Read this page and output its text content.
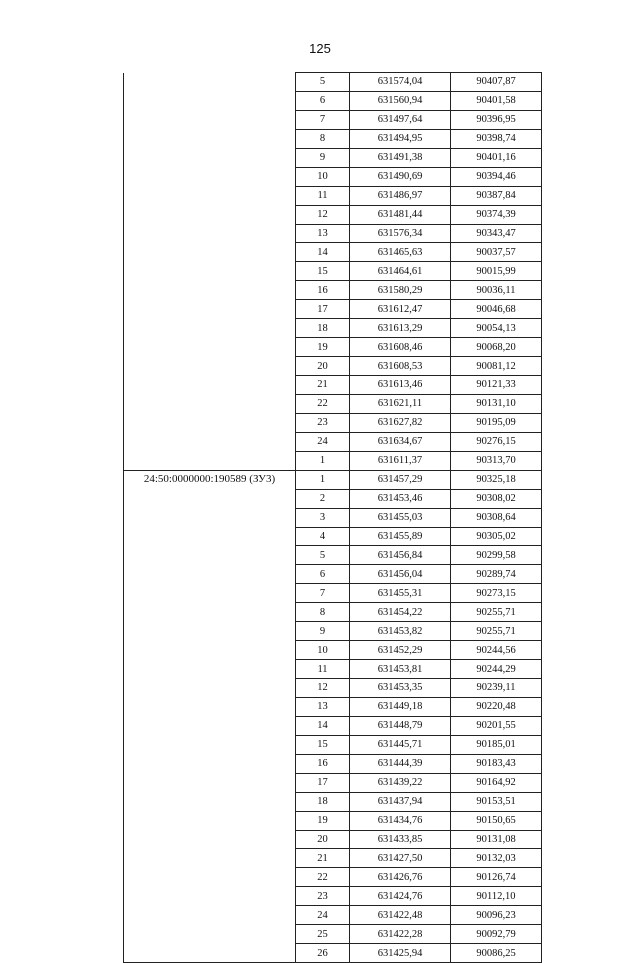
125
	5	631574,04	90407,87
	6	631560,94	90401,58
	7	631497,64	90396,95
	8	631494,95	90398,74
	9	631491,38	90401,16
	10	631490,69	90394,46
	11	631486,97	90387,84
	12	631481,44	90374,39
	13	631576,34	90343,47
	14	631465,63	90037,57
	15	631464,61	90015,99
	16	631580,29	90036,11
	17	631612,47	90046,68
	18	631613,29	90054,13
	19	631608,46	90068,20
	20	631608,53	90081,12
	21	631613,46	90121,33
	22	631621,11	90131,10
	23	631627,82	90195,09
	24	631634,67	90276,15
	1	631611,37	90313,70
24:50:0000000:190589 (ЗУ3)	1	631457,29	90325,18
	2	631453,46	90308,02
	3	631455,03	90308,64
	4	631455,89	90305,02
	5	631456,84	90299,58
	6	631456,04	90289,74
	7	631455,31	90273,15
	8	631454,22	90255,71
	9	631453,82	90255,71
	10	631452,29	90244,56
	11	631453,81	90244,29
	12	631453,35	90239,11
	13	631449,18	90220,48
	14	631448,79	90201,55
	15	631445,71	90185,01
	16	631444,39	90183,43
	17	631439,22	90164,92
	18	631437,94	90153,51
	19	631434,76	90150,65
	20	631433,85	90131,08
	21	631427,50	90132,03
	22	631426,76	90126,74
	23	631424,76	90112,10
	24	631422,48	90096,23
	25	631422,28	90092,79
	26	631425,94	90086,25
